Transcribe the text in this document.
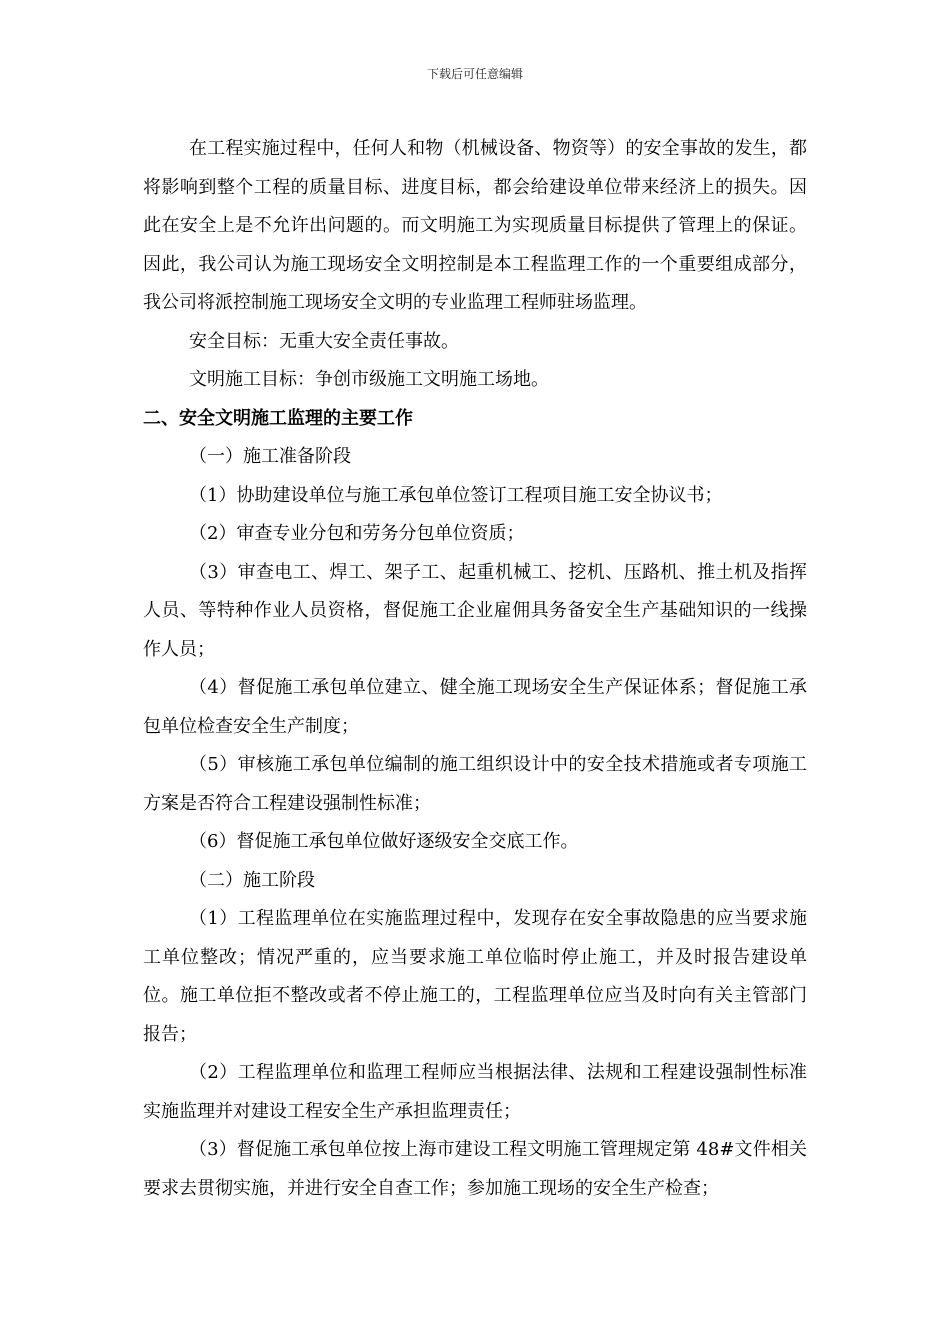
下载后可任意编辑

在工程实施过程中，任何人和物（机械设备、物资等）的安全事故的发生，都将影响到整个工程的质量目标、进度目标，都会给建设单位带来经济上的损失。因此在安全上是不允许出问题的。而文明施工为实现质量目标提供了管理上的保证。因此，我公司认为施工现场安全文明控制是本工程监理工作的一个重要组成部分，我公司将派控制施工现场安全文明的专业监理工程师驻场监理。

安全目标：无重大安全责任事故。

文明施工目标：争创市级施工文明施工场地。

二、安全文明施工监理的主要工作

（一）施工准备阶段

（1）协助建设单位与施工承包单位签订工程项目施工安全协议书；

（2）审查专业分包和劳务分包单位资质；

（3）审查电工、焊工、架子工、起重机械工、挖机、压路机、推土机及指挥人员、等特种作业人员资格，督促施工企业雇佣具务备安全生产基础知识的一线操作人员；

（4）督促施工承包单位建立、健全施工现场安全生产保证体系；督促施工承包单位检查安全生产制度；

（5）审核施工承包单位编制的施工组织设计中的安全技术措施或者专项施工方案是否符合工程建设强制性标准；

（6）督促施工承包单位做好逐级安全交底工作。

（二）施工阶段

（1）工程监理单位在实施监理过程中，发现存在安全事故隐患的应当要求施工单位整改；情况严重的，应当要求施工单位临时停止施工，并及时报告建设单位。施工单位拒不整改或者不停止施工的，工程监理单位应当及时向有关主管部门报告；

（2）工程监理单位和监理工程师应当根据法律、法规和工程建设强制性标准实施监理并对建设工程安全生产承担监理责任；

（3）督促施工承包单位按上海市建设工程文明施工管理规定第 48#文件相关要求去贯彻实施，并进行安全自查工作；参加施工现场的安全生产检查；
